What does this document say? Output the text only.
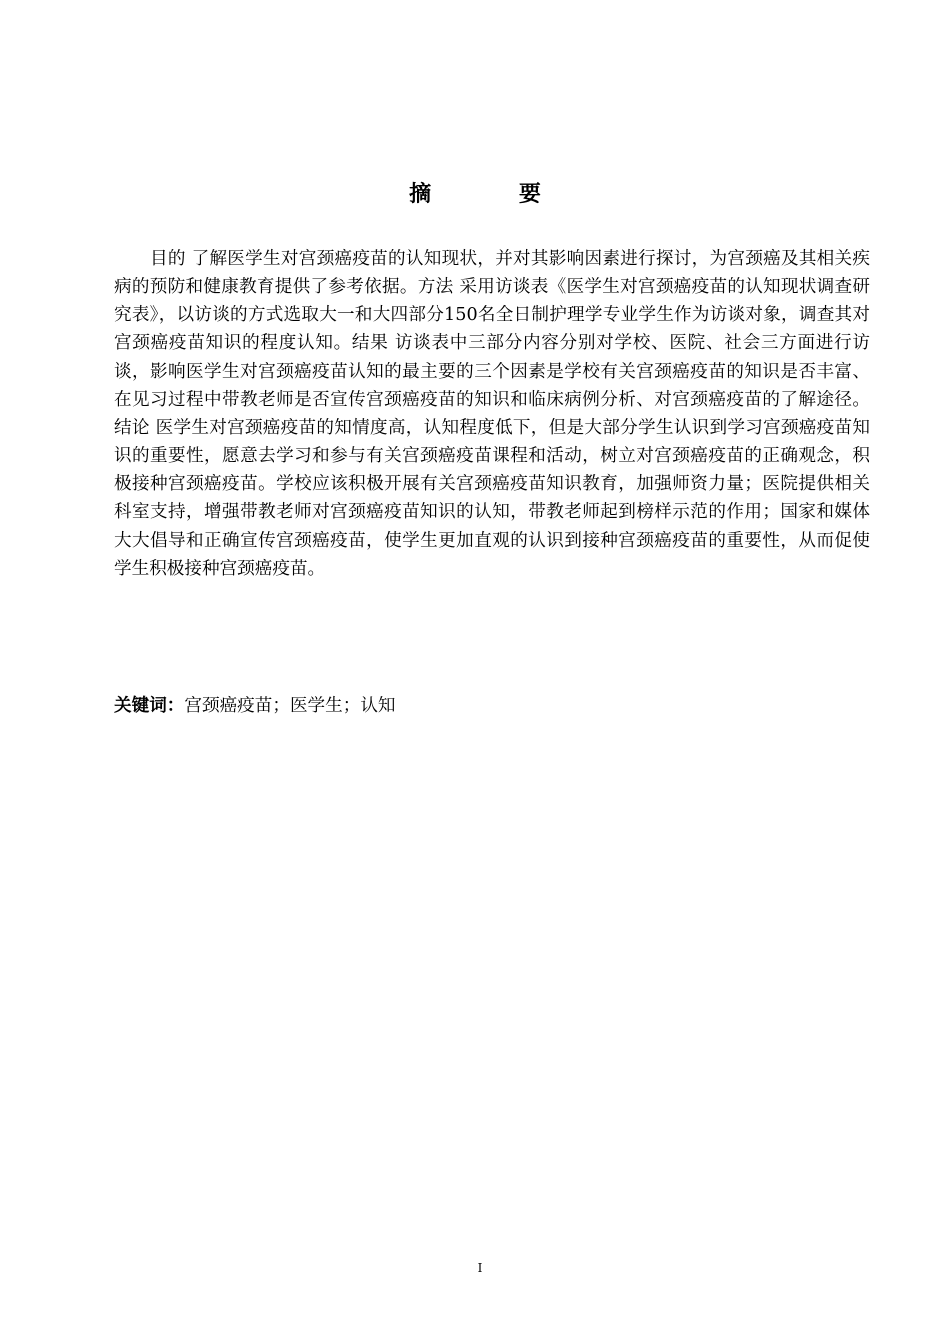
摘 要

目的 了解医学生对宫颈癌疫苗的认知现状，并对其影响因素进行探讨，为宫颈癌及其相关疾病的预防和健康教育提供了参考依据。方法 采用访谈表《医学生对宫颈癌疫苗的认知现状调查研究表》，以访谈的方式选取大一和大四部分150名全日制护理学专业学生作为访谈对象，调查其对宫颈癌疫苗知识的程度认知。结果 访谈表中三部分内容分别对学校、医院、社会三方面进行访谈，影响医学生对宫颈癌疫苗认知的最主要的三个因素是学校有关宫颈癌疫苗的知识是否丰富、在见习过程中带教老师是否宣传宫颈癌疫苗的知识和临床病例分析、对宫颈癌疫苗的了解途径。结论 医学生对宫颈癌疫苗的知情度高，认知程度低下，但是大部分学生认识到学习宫颈癌疫苗知识的重要性，愿意去学习和参与有关宫颈癌疫苗课程和活动，树立对宫颈癌疫苗的正确观念，积极接种宫颈癌疫苗。学校应该积极开展有关宫颈癌疫苗知识教育，加强师资力量；医院提供相关科室支持，增强带教老师对宫颈癌疫苗知识的认知，带教老师起到榜样示范的作用；国家和媒体大大倡导和正确宣传宫颈癌疫苗，使学生更加直观的认识到接种宫颈癌疫苗的重要性，从而促使学生积极接种宫颈癌疫苗。

关键词：宫颈癌疫苗；医学生；认知

I
